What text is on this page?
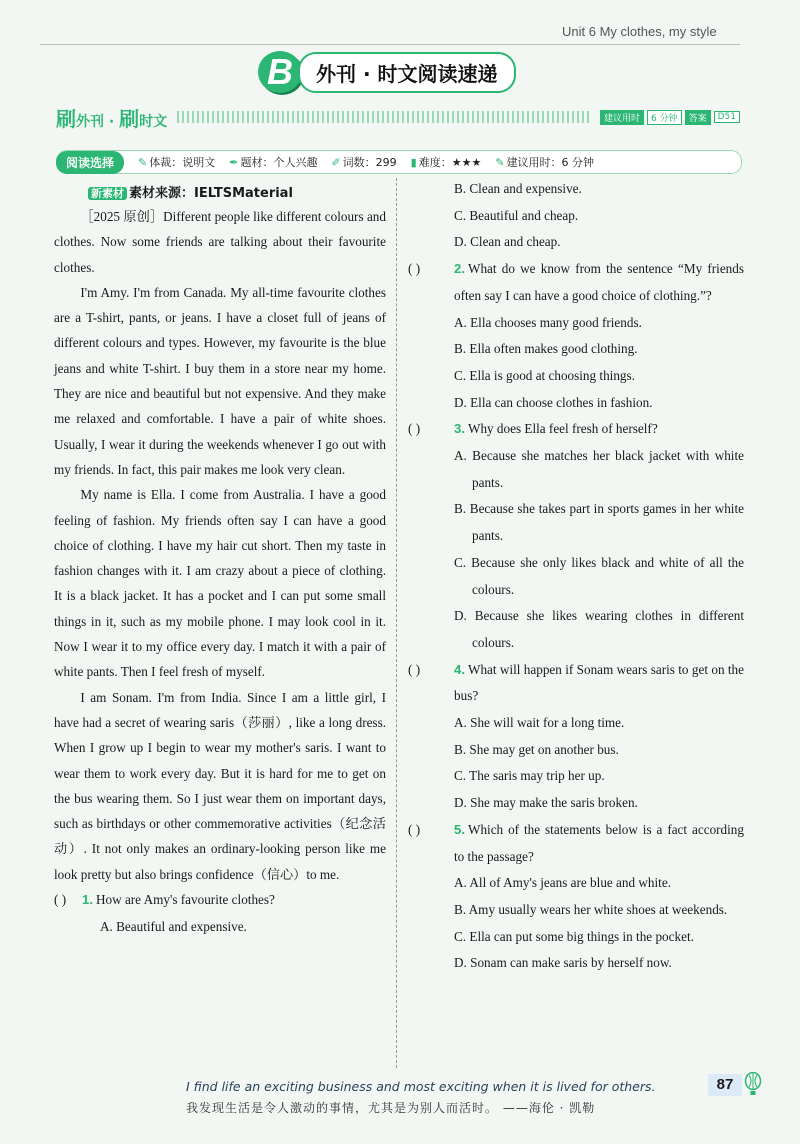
Unit 6 My clothes, my style
B	外刊 · 时文阅读速递
刷外刊 · 刷时文	建议用时	6 分钟	答案	D51
阅读选择	✎ 体裁：说明文 ✒ 题材：个人兴趣 ✐ 词数：299 ▮ 难度：★★★ ✎ 建议用时：6 分钟
新素材 素材来源：IELTSMaterial

［2025 原创］Different people like different colours and clothes. Now some friends are talking about their favourite clothes.

I'm Amy. I'm from Canada. My all-time favourite clothes are a T-shirt, pants, or jeans. I have a closet full of jeans of different colours and types. However, my favourite is the blue jeans and white T-shirt. I buy them in a store near my home. They are nice and beautiful but not expensive. And they make me relaxed and comfortable. I have a pair of white shoes. Usually, I wear it during the weekends whenever I go out with my friends. In fact, this pair makes me look very clean.

My name is Ella. I come from Australia. I have a good feeling of fashion. My friends often say I can have a good choice of clothing. I have my hair cut short. Then my taste in fashion changes with it. I am crazy about a piece of clothing. It is a black jacket. It has a pocket and I can put some small things in it, such as my mobile phone. I may look cool in it. Now I wear it to my office every day. I match it with a pair of white pants. Then I feel fresh of myself.

I am Sonam. I'm from India. Since I am a little girl, I have had a secret of wearing saris（莎丽）, like a long dress. When I grow up I begin to wear my mother's saris. I want to wear them to work every day. But it is hard for me to get on the bus wearing them. So I just wear them on important days, such as birthdays or other commemorative activities（纪念活动）. It not only makes an ordinary-looking person like me look pretty but also brings confidence（信心）to me.

( )	1. How are Amy's favourite clothes?
A. Beautiful and expensive.
B. Clean and expensive.
C. Beautiful and cheap.
D. Clean and cheap.
( )	2. What do we know from the sentence “My friends often say I can have a good choice of clothing.”?
A. Ella chooses many good friends.
B. Ella often makes good clothing.
C. Ella is good at choosing things.
D. Ella can choose clothes in fashion.
( )	3. Why does Ella feel fresh of herself?
A. Because she matches her black jacket with white pants.
B. Because she takes part in sports games in her white pants.
C. Because she only likes black and white of all the colours.
D. Because she likes wearing clothes in different colours.
( )	4. What will happen if Sonam wears saris to get on the bus?
A. She will wait for a long time.
B. She may get on another bus.
C. The saris may trip her up.
D. She may make the saris broken.
( )	5. Which of the statements below is a fact according to the passage?
A. All of Amy's jeans are blue and white.
B. Amy usually wears her white shoes at weekends.
C. Ella can put some big things in the pocket.
D. Sonam can make saris by herself now.
I find life an exciting business and most exciting when it is lived for others.
我发现生活是令人激动的事情，尤其是为别人而活时。 ——海伦 · 凯勒
87
